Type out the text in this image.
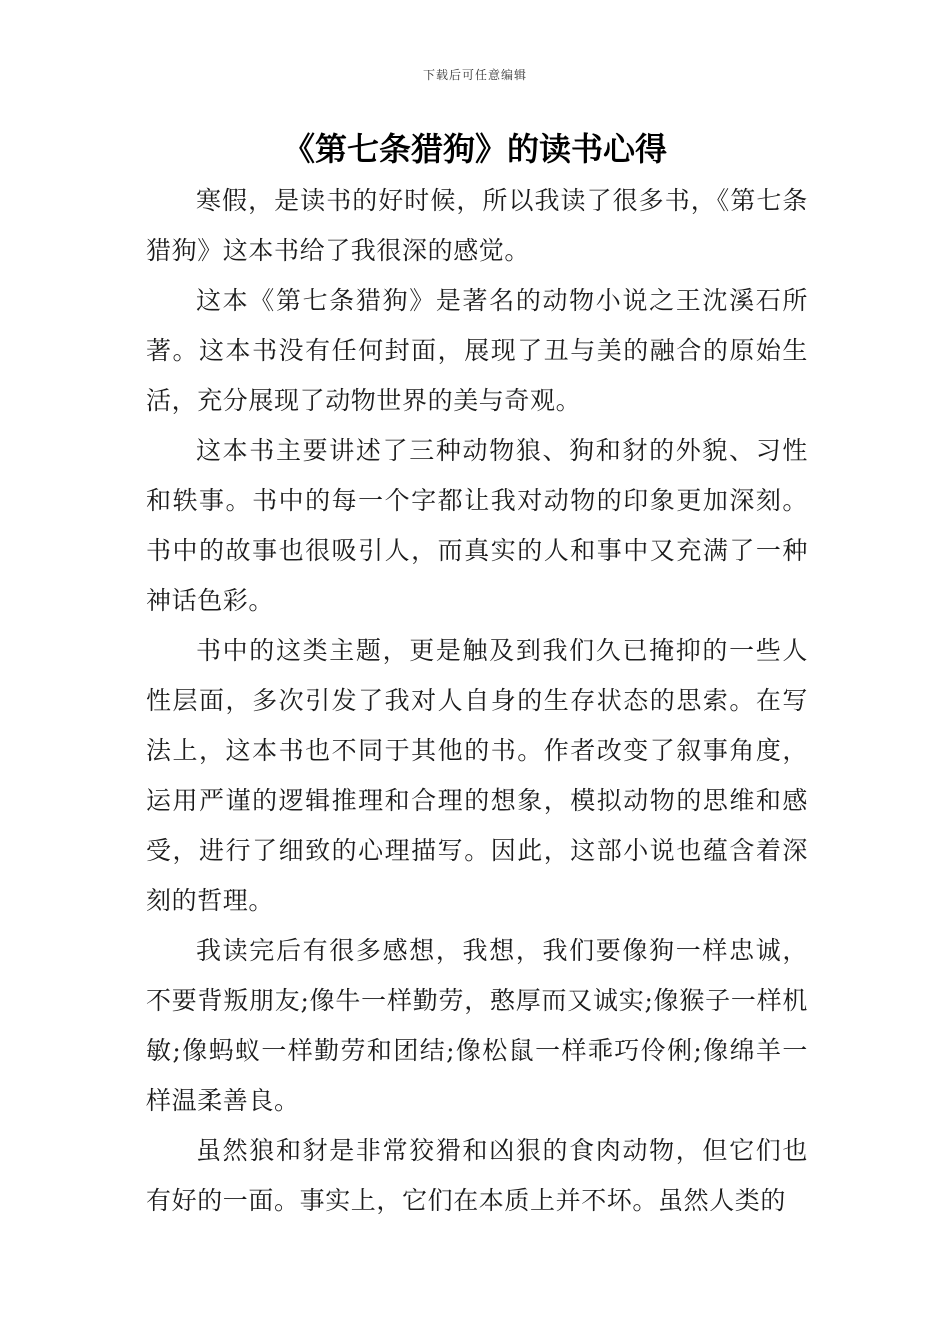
下载后可任意编辑
《第七条猎狗》的读书心得

寒假，是读书的好时候，所以我读了很多书，《第七条猎狗》这本书给了我很深的感觉。

这本《第七条猎狗》是著名的动物小说之王沈溪石所著。这本书没有任何封面，展现了丑与美的融合的原始生活，充分展现了动物世界的美与奇观。

这本书主要讲述了三种动物狼、狗和豺的外貌、习性和轶事。书中的每一个字都让我对动物的印象更加深刻。书中的故事也很吸引人，而真实的人和事中又充满了一种神话色彩。

书中的这类主题，更是触及到我们久已掩抑的一些人性层面，多次引发了我对人自身的生存状态的思索。在写法上，这本书也不同于其他的书。作者改变了叙事角度，运用严谨的逻辑推理和合理的想象，模拟动物的思维和感受，进行了细致的心理描写。因此，这部小说也蕴含着深刻的哲理。

我读完后有很多感想，我想，我们要像狗一样忠诚，不要背叛朋友;像牛一样勤劳，憨厚而又诚实;像猴子一样机敏;像蚂蚁一样勤劳和团结;像松鼠一样乖巧伶俐;像绵羊一样温柔善良。

虽然狼和豺是非常狡猾和凶狠的食肉动物，但它们也有好的一面。事实上，它们在本质上并不坏。虽然人类的
